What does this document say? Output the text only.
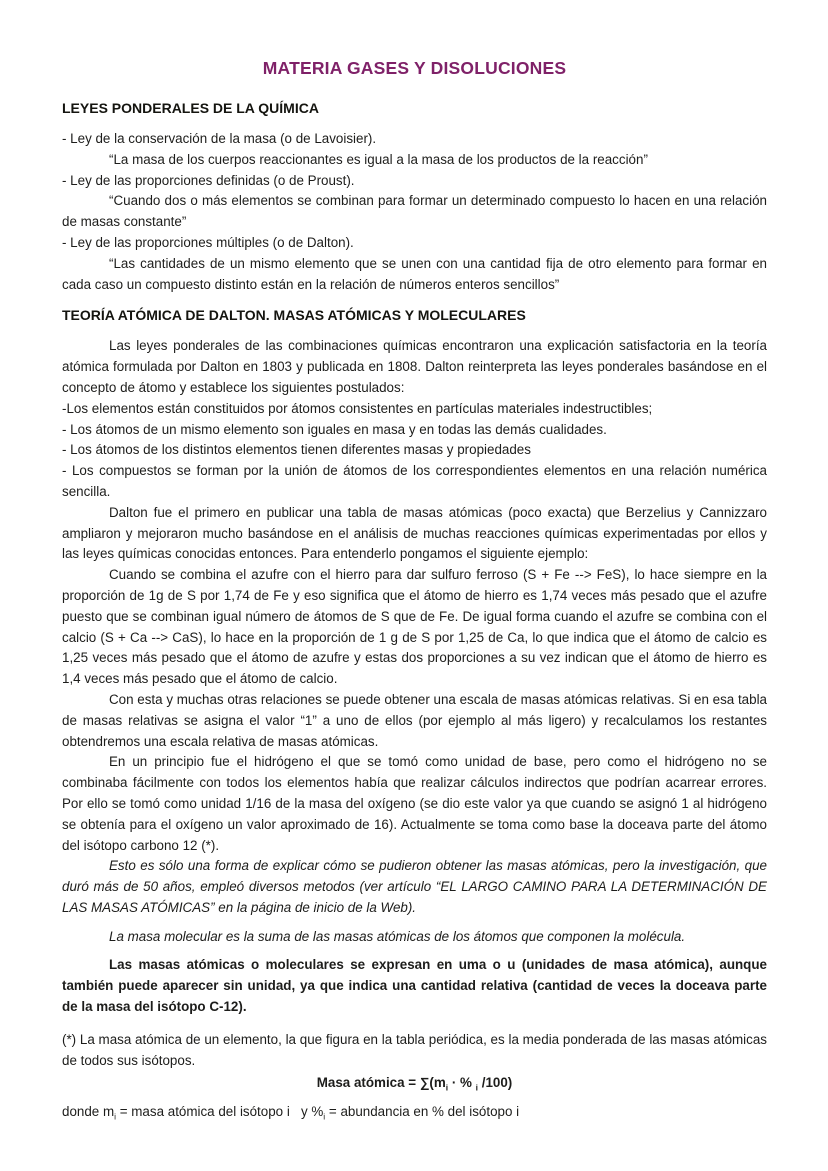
MATERIA GASES Y DISOLUCIONES
LEYES PONDERALES DE LA QUÍMICA

- Ley de la conservación de la masa (o de Lavoisier).

“La masa de los cuerpos reaccionantes es igual a la masa de los productos de la reacción”

- Ley de las proporciones definidas (o de Proust).

“Cuando dos o más elementos se combinan para formar un determinado compuesto lo hacen en una relación de masas constante”

- Ley de las proporciones múltiples (o de Dalton).

“Las cantidades de un mismo elemento que se unen con una cantidad fija de otro elemento para formar en cada caso un compuesto distinto están en la relación de números enteros sencillos”

TEORÍA ATÓMICA DE DALTON. MASAS ATÓMICAS Y MOLECULARES

Las leyes ponderales de las combinaciones químicas encontraron una explicación satisfactoria en la teoría atómica formulada por Dalton en 1803 y publicada en 1808. Dalton reinterpreta las leyes ponderales basándose en el concepto de átomo y establece los siguientes postulados:

-Los elementos están constituidos por átomos consistentes en partículas materiales indestructibles;

- Los átomos de un mismo elemento son iguales en masa y en todas las demás cualidades.

- Los átomos de los distintos elementos tienen diferentes masas y propiedades

- Los compuestos se forman por la unión de átomos de los correspondientes elementos en una relación numérica sencilla.

Dalton fue el primero en publicar una tabla de masas atómicas (poco exacta) que Berzelius y Cannizzaro ampliaron y mejoraron mucho basándose en el análisis de muchas reacciones químicas experimentadas por ellos y las leyes químicas conocidas entonces. Para entenderlo pongamos el siguiente ejemplo:

Cuando se combina el azufre con el hierro para dar sulfuro ferroso (S + Fe --> FeS), lo hace siempre en la proporción de 1g de S por 1,74 de Fe y eso significa que el átomo de hierro es 1,74 veces más pesado que el azufre puesto que se combinan igual número de átomos de S que de Fe. De igual forma cuando el azufre se combina con el calcio (S + Ca --> CaS), lo hace en la proporción de 1 g de S por 1,25 de Ca, lo que indica que el átomo de calcio es 1,25 veces más pesado que el átomo de azufre y estas dos proporciones a su vez indican que el átomo de hierro es 1,4 veces más pesado que el átomo de calcio.

Con esta y muchas otras relaciones se puede obtener una escala de masas atómicas relativas. Si en esa tabla de masas relativas se asigna el valor “1” a uno de ellos (por ejemplo al más ligero) y recalculamos los restantes obtendremos una escala relativa de masas atómicas.

En un principio fue el hidrógeno el que se tomó como unidad de base, pero como el hidrógeno no se combinaba fácilmente con todos los elementos había que realizar cálculos indirectos que podrían acarrear errores. Por ello se tomó como unidad 1/16 de la masa del oxígeno (se dio este valor ya que cuando se asignó 1 al hidrógeno se obtenía para el oxígeno un valor aproximado de 16). Actualmente se toma como base la doceava parte del átomo del isótopo carbono 12 (*).

Esto es sólo una forma de explicar cómo se pudieron obtener las masas atómicas, pero la investigación, que duró más de 50 años, empleó diversos metodos (ver artículo “EL LARGO CAMINO PARA LA DETERMINACIÓN DE LAS MASAS ATÓMICAS” en la página de inicio de la Web).

La masa molecular es la suma de las masas atómicas de los átomos que componen la molécula.

Las masas atómicas o moleculares se expresan en uma o u (unidades de masa atómica), aunque también puede aparecer sin unidad, ya que indica una cantidad relativa (cantidad de veces la doceava parte de la masa del isótopo C-12).

(*) La masa atómica de un elemento, la que figura en la tabla periódica, es la media ponderada de las masas atómicas de todos sus isótopos.

Masa atómica = $\sum(m_i$ · % $_i$ /100)

donde $m_i$ = masa atómica del isótopo i   y $\%_i$ = abundancia en % del isótopo i
